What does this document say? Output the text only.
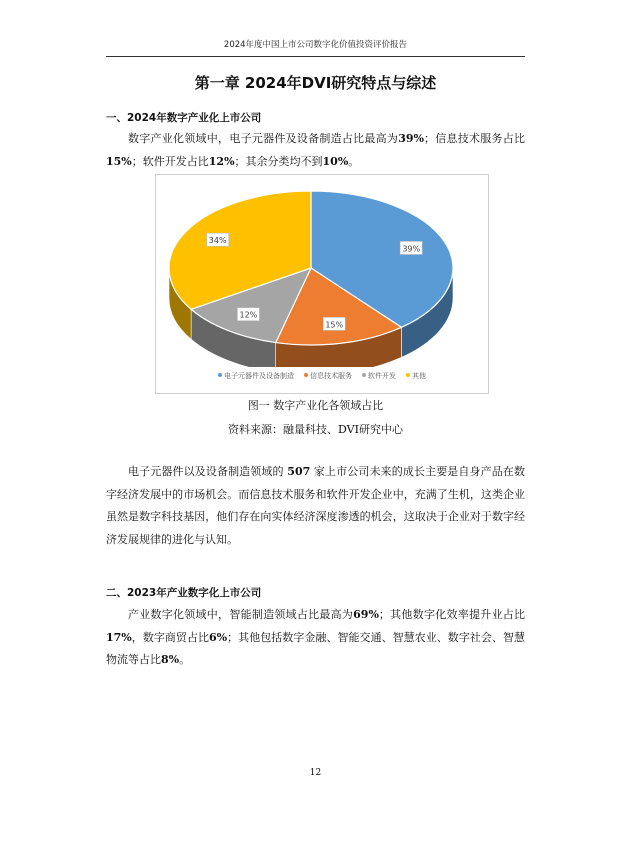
2024年度中国上市公司数字化价值投资评价报告
第一章 2024年DVI研究特点与综述
一、2024年数字产业化上市公司
数字产业化领域中，电子元器件及设备制造占比最高为39%；信息技术服务占比15%；软件开发占比12%；其余分类均不到10%。
39%
15%
12%
34%
电子元器件及设备制造 信息技术服务 软件开发 其他
图一 数字产业化各领域占比
资料来源：融量科技、DVI研究中心
电子元器件以及设备制造领域的 507 家上市公司未来的成长主要是自身产品在数字经济发展中的市场机会。而信息技术服务和软件开发企业中，充满了生机，这类企业虽然是数字科技基因，他们存在向实体经济深度渗透的机会，这取决于企业对于数字经济发展规律的进化与认知。
二、2023年产业数字化上市公司
产业数字化领域中，智能制造领域占比最高为69%；其他数字化效率提升业占比17%，数字商贸占比6%；其他包括数字金融、智能交通、智慧农业、数字社会、智慧物流等占比8%。
12
